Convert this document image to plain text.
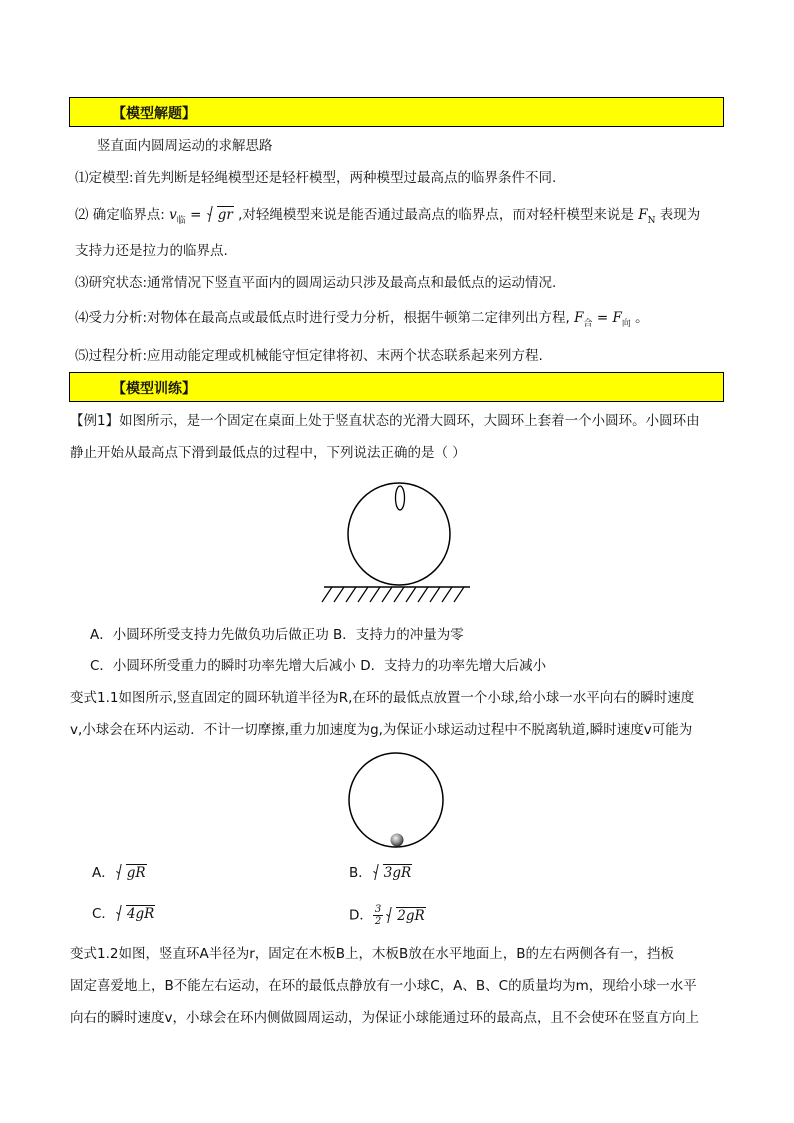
【模型解题】
竖直面内圆周运动的求解思路
⑴定模型:首先判断是轻绳模型还是轻杆模型，两种模型过最高点的临界条件不同.
⑵ 确定临界点: $v_临$ = gr ,对轻绳模型来说是能否通过最高点的临界点，而对轻杆模型来说是 $F_N$ 表现为
支持力还是拉力的临界点.
⑶研究状态:通常情况下竖直平面内的圆周运动只涉及最高点和最低点的运动情况.
⑷受力分析:对物体在最高点或最低点时进行受力分析，根据牛顿第二定律列出方程, $F_合 = F_向$ 。
⑸过程分析:应用动能定理或机械能守恒定律将初、末两个状态联系起来列方程.
【模型训练】
【例1】如图所示，是一个固定在桌面上处于竖直状态的光滑大圆环，大圆环上套着一个小圆环。小圆环由
静止开始从最高点下滑到最低点的过程中，下列说法正确的是（ ）
A．小圆环所受支持力先做负功后做正功 B．支持力的冲量为零
C．小圆环所受重力的瞬时功率先增大后减小 D．支持力的功率先增大后减小
变式1.1如图所示,竖直固定的圆环轨道半径为R,在环的最低点放置一个小球,给小球一水平向右的瞬时速度
v,小球会在环内运动．不计一切摩擦,重力加速度为g,为保证小球运动过程中不脱离轨道,瞬时速度v可能为
A． gR	B． 3gR
C． 4gR	D． $\frac{3}{2} 2gR$
变式1.2如图，竖直环A半径为r，固定在木板B上，木板B放在水平地面上，B的左右两侧各有一，挡板
固定喜爱地上，B不能左右运动，在环的最低点静放有一小球C，A、B、C的质量均为m，现给小球一水平
向右的瞬时速度v，小球会在环内侧做圆周运动，为保证小球能通过环的最高点，且不会使环在竖直方向上
